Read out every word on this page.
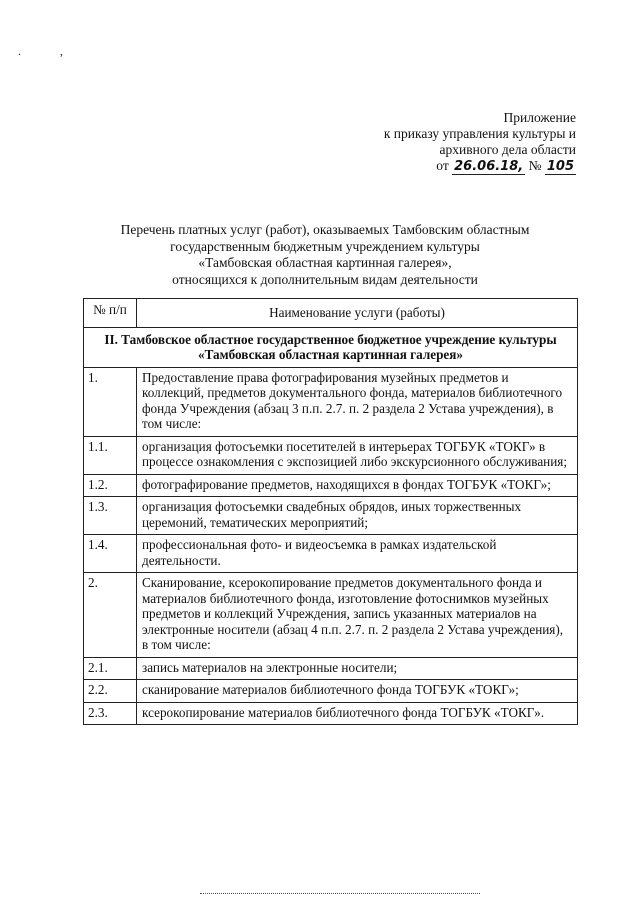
. ,
Приложение
к приказу управления культуры и
архивного дела области
от 26.06.18, № 105
Перечень платных услуг (работ), оказываемых Тамбовским областным
государственным бюджетным учреждением культуры
«Тамбовская областная картинная галерея»,
относящихся к дополнительным видам деятельности
№ п/п	Наименование услуги (работы)
II. Тамбовское областное государственное бюджетное учреждение культуры «Тамбовская областная картинная галерея»	
1.	Предоставление права фотографирования музейных предметов и коллекций, предметов документального фонда, материалов библиотечного фонда Учреждения (абзац 3 п.п. 2.7. п. 2 раздела 2 Устава учреждения), в том числе:
1.1.	организация фотосъемки посетителей в интерьерах ТОГБУК «ТОКГ» в процессе ознакомления с экспозицией либо экскурсионного обслуживания;
1.2.	фотографирование предметов, находящихся в фондах ТОГБУК «ТОКГ»;
1.3.	организация фотосъемки свадебных обрядов, иных торжественных церемоний, тематических мероприятий;
1.4.	профессиональная фото- и видеосъемка в рамках издательской деятельности.
2.	Сканирование, ксерокопирование предметов документального фонда и материалов библиотечного фонда, изготовление фотоснимков музейных предметов и коллекций Учреждения, запись указанных материалов на электронные носители (абзац 4 п.п. 2.7. п. 2 раздела 2 Устава учреждения), в том числе:
2.1.	запись материалов на электронные носители;
2.2.	сканирование материалов библиотечного фонда ТОГБУК «ТОКГ»;
2.3.	ксерокопирование материалов библиотечного фонда ТОГБУК «ТОКГ».
